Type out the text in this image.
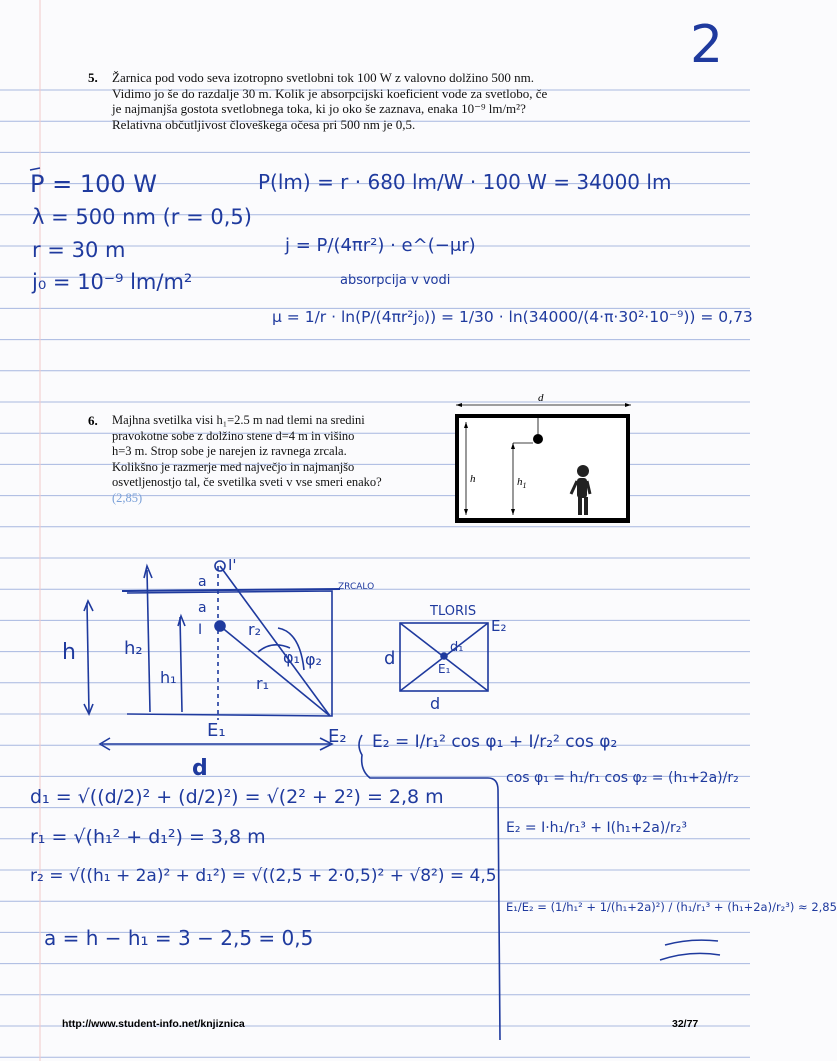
d
h	$h_1$
2
5. Žarnica pod vodo seva izotropno svetlobni tok 100 W z valovno dolžino 500 nm.
Vidimo jo še do razdalje 30 m. Kolik je absorpcijski koeficient vode za svetlobo, če
je najmanjša gostota svetlobnega toka, ki jo oko še zaznava, enaka 10⁻⁹ lm/m²?
Relativna občutljivost človeškega očesa pri 500 nm je 0,5.
P = 100 W
λ = 500 nm (r = 0,5)
r = 30 m
j₀ = 10⁻⁹ lm/m²
P(lm) = r · 680 lm/W · 100 W = 34000 lm
j = P/(4πr²) · e^(−μr)
absorpcija v vodi
μ = 1/r · ln(P/(4πr²j₀)) = 1/30 · ln(34000/(4·π·30²·10⁻⁹)) = 0,73
6. Majhna svetilka visi h₁=2.5 m nad tlemi na sredini
pravokotne sobe z dolžino stene d=4 m in višino
h=3 m. Strop sobe je narejen iz ravnega zrcala.
Kolikšno je razmerje med največjo in najmanjšo
osvetljenostjo tal, če svetilka sveti v vse smeri enako?
(2,85)
I'
a	ZRCALO
a
I
h	h₂
h₁
r₂
r₁
φ₁ φ₂
E₁	E₂
d
TLORIS
E₂
d₁
E₁
d
d
d₁ = √((d/2)² + (d/2)²) = √(2² + 2²) = 2,8 m
r₁ = √(h₁² + d₁²) = 3,8 m
r₂ = √((h₁ + 2a)² + d₁²) = √((2,5 + 2·0,5)² + √8²) = 4,5
a = h − h₁ = 3 − 2,5 = 0,5
E₂ = I/r₁² cos φ₁ + I/r₂² cos φ₂
cos φ₁ = h₁/r₁ cos φ₂ = (h₁+2a)/r₂
E₂ = I·h₁/r₁³ + I(h₁+2a)/r₂³
E₁/E₂ = (1/h₁² + 1/(h₁+2a)²) / (h₁/r₁³ + (h₁+2a)/r₂³) ≈ 2,85
http://www.student-info.net/knjiznica	32/77
